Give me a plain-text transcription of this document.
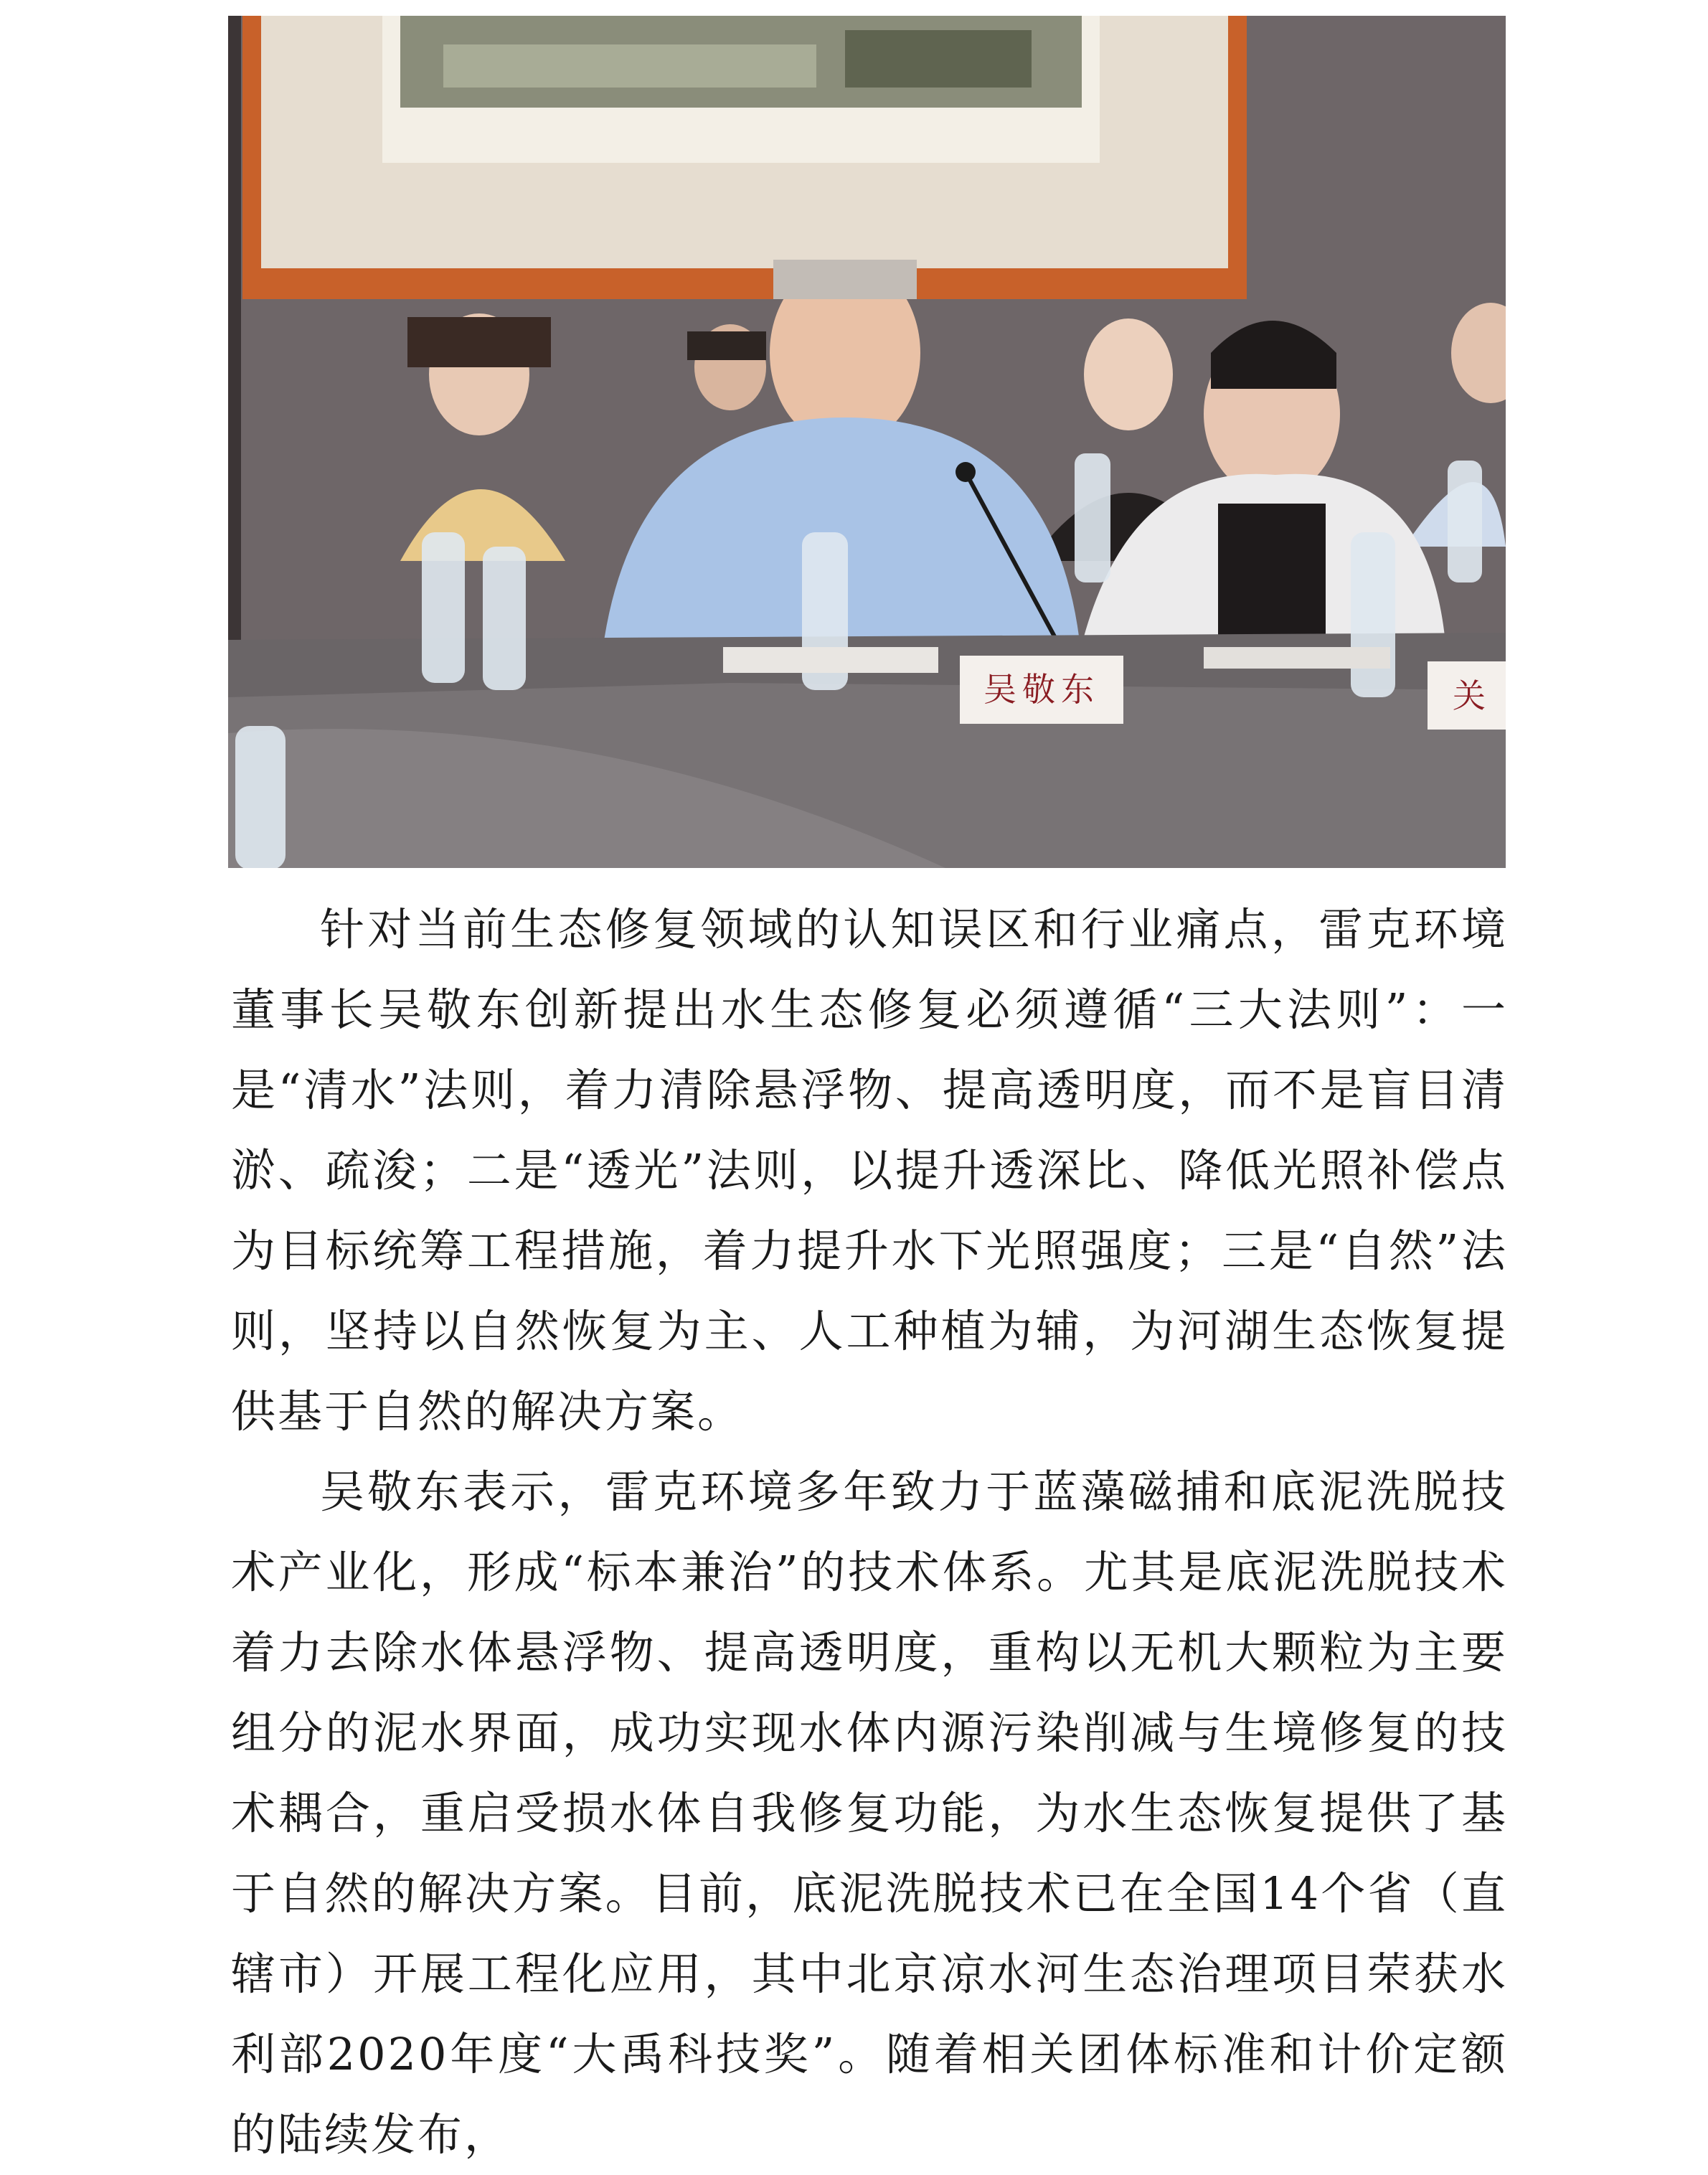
吴敬东	关

针对当前生态修复领域的认知误区和行业痛点，雷克环境董事长吴敬东创新提出水生态修复必须遵循“三大法则”：一是“清水”法则，着力清除悬浮物、提高透明度，而不是盲目清淤、疏浚；二是“透光”法则，以提升透深比、降低光照补偿点为目标统筹工程措施，着力提升水下光照强度；三是“自然”法则，坚持以自然恢复为主、人工种植为辅，为河湖生态恢复提供基于自然的解决方案。

吴敬东表示，雷克环境多年致力于蓝藻磁捕和底泥洗脱技术产业化，形成“标本兼治”的技术体系。尤其是底泥洗脱技术着力去除水体悬浮物、提高透明度，重构以无机大颗粒为主要组分的泥水界面，成功实现水体内源污染削减与生境修复的技术耦合，重启受损水体自我修复功能，为水生态恢复提供了基于自然的解决方案。目前，底泥洗脱技术已在全国14个省（直辖市）开展工程化应用，其中北京凉水河生态治理项目荣获水利部2020年度“大禹科技奖”。随着相关团体标准和计价定额的陆续发布，
